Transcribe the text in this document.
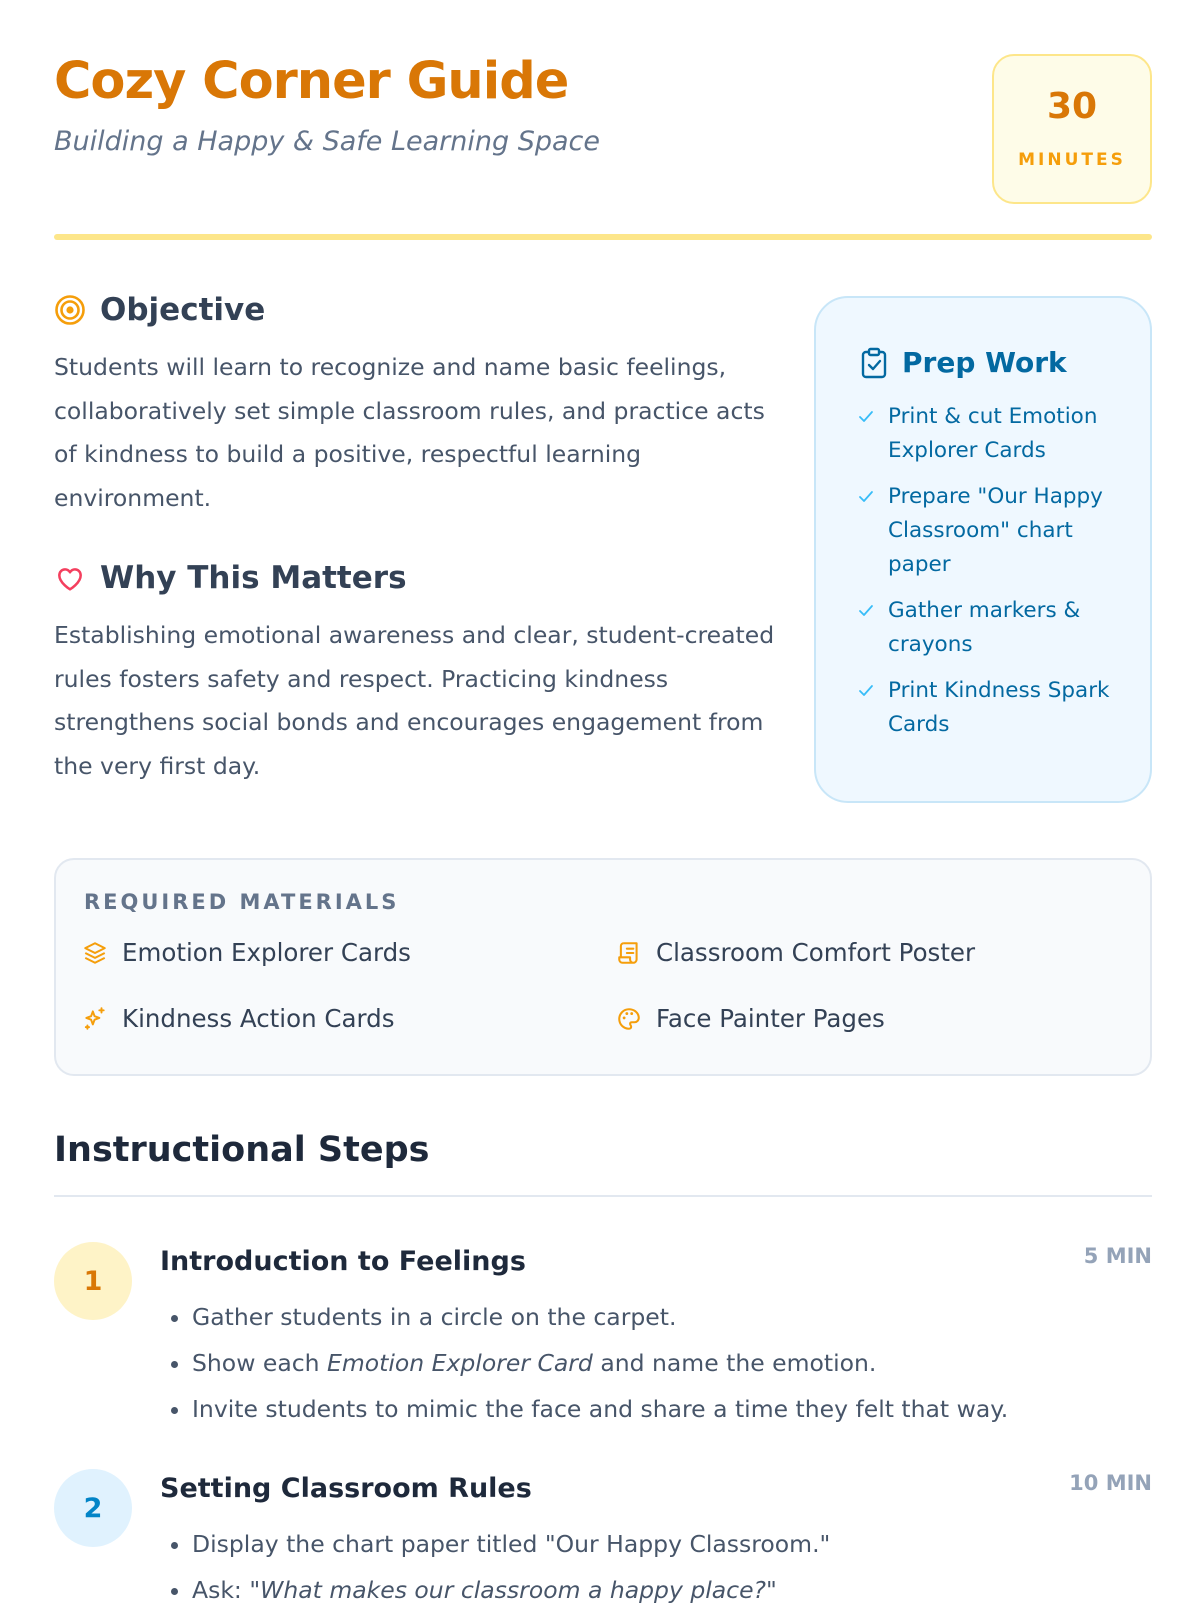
Cozy Corner Guide

Building a Happy & Safe Learning Space

30
MINUTES
Objective

Students will learn to recognize and name basic feelings, collaboratively set simple classroom rules, and practice acts of kindness to build a positive, respectful learning environment.

Why This Matters

Establishing emotional awareness and clear, student-created rules fosters safety and respect. Practicing kindness strengthens social bonds and encourages engagement from the very first day.

Prep Work
Print & cut Emotion Explorer Cards
Prepare "Our Happy Classroom" chart paper
Gather markers & crayons
Print Kindness Spark Cards
REQUIRED MATERIALS
Emotion Explorer Cards	Classroom Comfort Poster
Kindness Action Cards	Face Painter Pages
Instructional Steps
1
Introduction to Feelings	5 MIN
• Gather students in a circle on the carpet.
• Show each Emotion Explorer Card and name the emotion.
• Invite students to mimic the face and share a time they felt that way.
2
Setting Classroom Rules	10 MIN
• Display the chart paper titled "Our Happy Classroom."
• Ask: "What makes our classroom a happy place?"
